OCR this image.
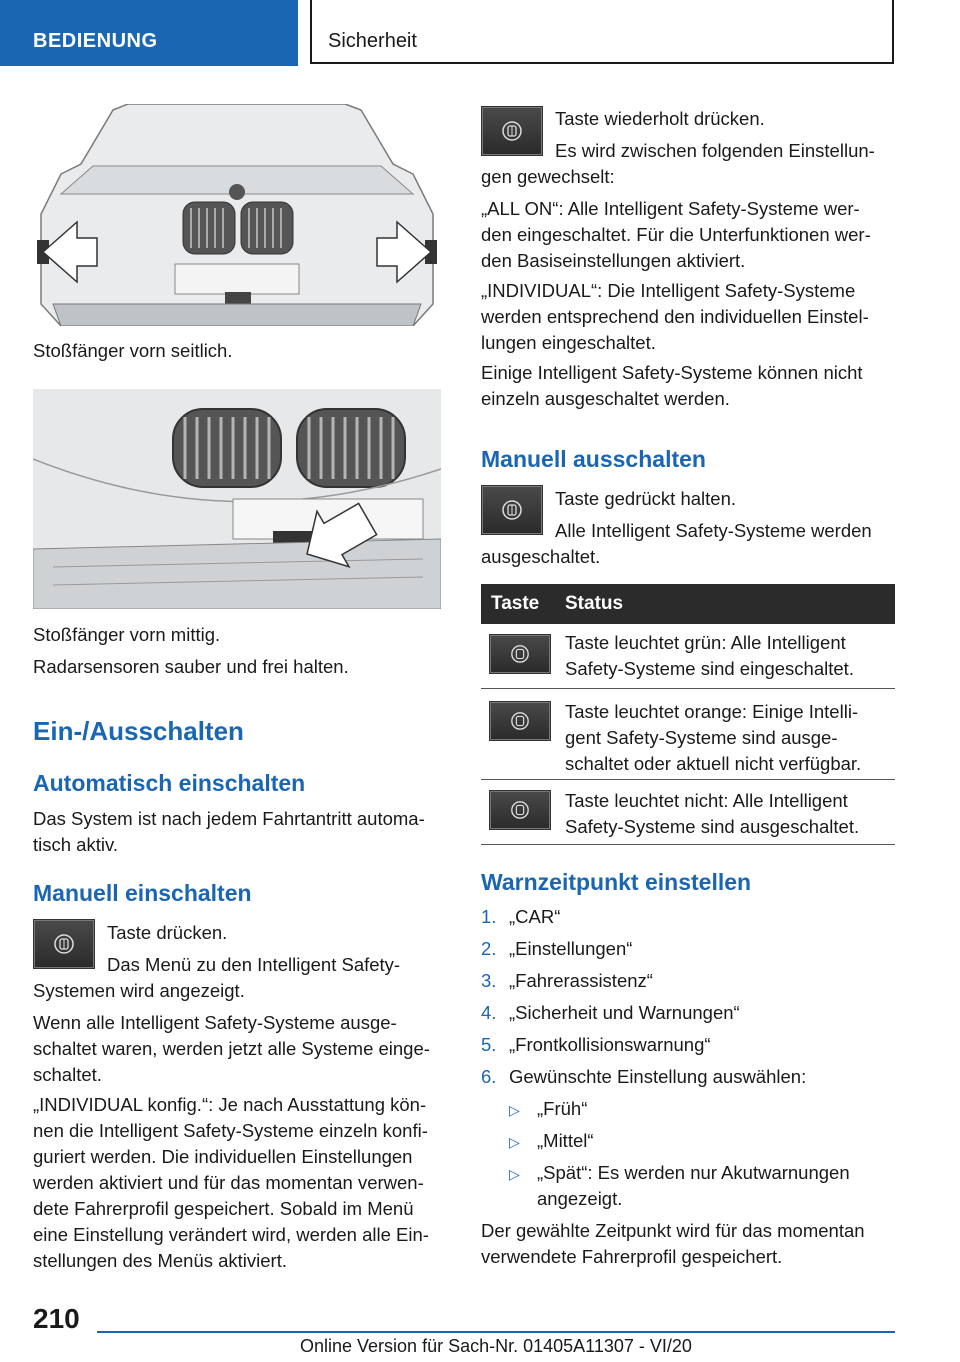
BEDIENUNG	Sicherheit

Stoßfänger vorn seitlich.

Stoßfänger vorn mittig.

Radarsensoren sauber und frei halten.

Ein-/Ausschalten
Automatisch einschalten

Das System ist nach jedem Fahrtantritt automa‐

tisch aktiv.

Manuell einschalten

Taste drücken.

Das Menü zu den Intelligent Safety-

Systemen wird angezeigt.

Wenn alle Intelligent Safety-Systeme ausge‐

schaltet waren, werden jetzt alle Systeme einge‐

schaltet.

„INDIVIDUAL konfig.“: Je nach Ausstattung kön‐

nen die Intelligent Safety-Systeme einzeln konfi‐

guriert werden. Die individuellen Einstellungen

werden aktiviert und für das momentan verwen‐

dete Fahrerprofil gespeichert. Sobald im Menü

eine Einstellung verändert wird, werden alle Ein‐

stellungen des Menüs aktiviert.

Taste wiederholt drücken.

Es wird zwischen folgenden Einstellun‐

gen gewechselt:

„ALL ON“: Alle Intelligent Safety-Systeme wer‐

den eingeschaltet. Für die Unterfunktionen wer‐

den Basiseinstellungen aktiviert.

„INDIVIDUAL“: Die Intelligent Safety-Systeme

werden entsprechend den individuellen Einstel‐

lungen eingeschaltet.

Einige Intelligent Safety-Systeme können nicht

einzeln ausgeschaltet werden.

Manuell ausschalten

Taste gedrückt halten.

Alle Intelligent Safety-Systeme werden

ausgeschaltet.

Taste	Status

Taste leuchtet grün: Alle Intelligent

Safety-Systeme sind eingeschaltet.

Taste leuchtet orange: Einige Intelli‐

gent Safety-Systeme sind ausge‐

schaltet oder aktuell nicht verfügbar.

Taste leuchtet nicht: Alle Intelligent

Safety-Systeme sind ausgeschaltet.

Warnzeitpunkt einstellen

1. „CAR“

2. „Einstellungen“

3. „Fahrerassistenz“

4. „Sicherheit und Warnungen“

5. „Frontkollisionswarnung“

6. Gewünschte Einstellung auswählen:

▷ „Früh“

▷ „Mittel“

▷ „Spät“: Es werden nur Akutwarnungen

angezeigt.

Der gewählte Zeitpunkt wird für das momentan

verwendete Fahrerprofil gespeichert.

210
Online Version für Sach-Nr. 01405A11307 - VI/20
